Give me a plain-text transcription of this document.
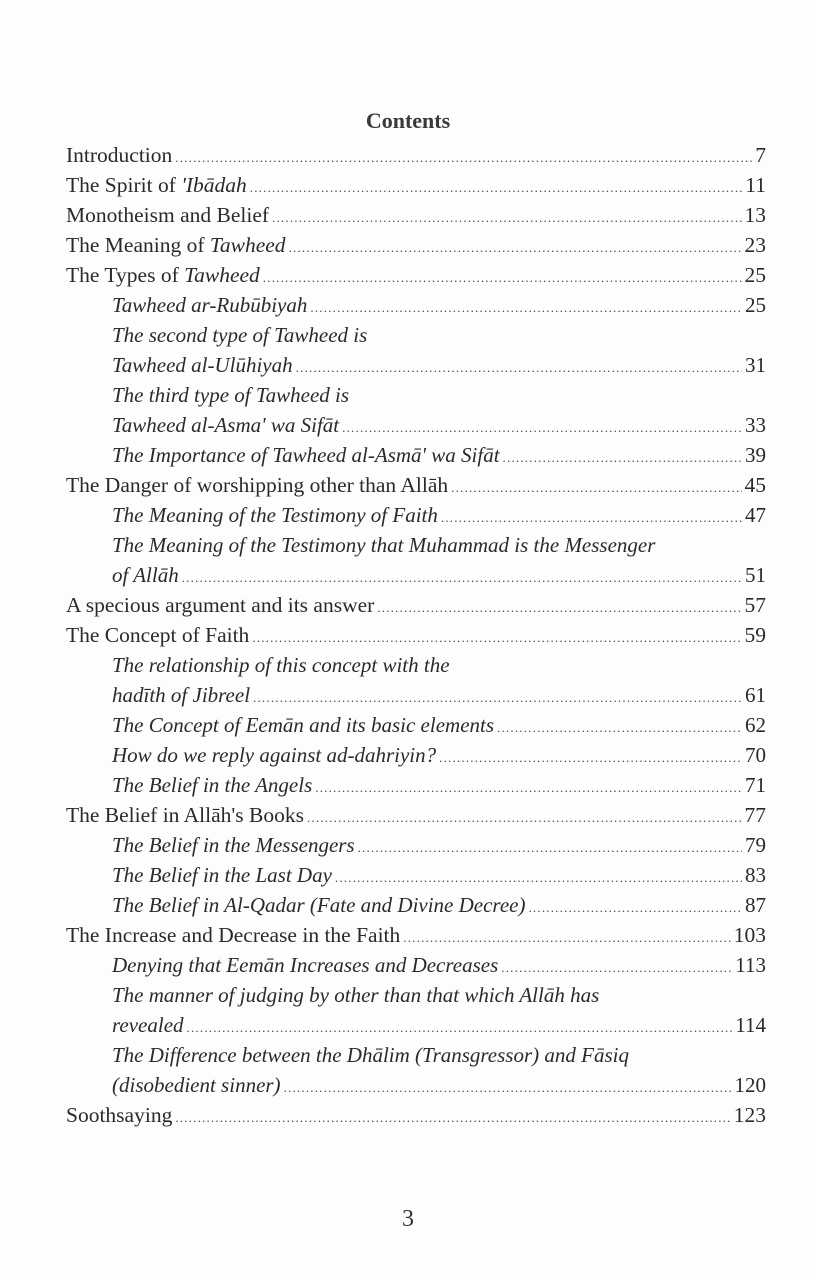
Contents
Introduction .....	7
The Spirit of 'Ibādah .....	11
Monotheism and Belief .....	13
The Meaning of Tawheed .....	23
The Types of Tawheed .....	25
Tawheed ar-Rubūbiyah .....	25
The second type of Tawheed is
Tawheed al-Ulūhiyah .....	31
The third type of Tawheed is
Tawheed al-Asma' wa Sifāt .....	33
The Importance of Tawheed al-Asmā' wa Sifāt .....	39
The Danger of worshipping other than Allāh .....	45
The Meaning of the Testimony of Faith .....	47
The Meaning of the Testimony that Muhammad is the Messenger
of Allāh .....	51
A specious argument and its answer .....	57
The Concept of Faith .....	59
The relationship of this concept with the
hadīth of Jibreel .....	61
The Concept of Eemān and its basic elements .....	62
How do we reply against ad-dahriyin? .....	70
The Belief in the Angels .....	71
The Belief in Allāh's Books .....	77
The Belief in the Messengers .....	79
The Belief in the Last Day .....	83
The Belief in Al-Qadar (Fate and Divine Decree) .....	87
The Increase and Decrease in the Faith .....	103
Denying that Eemān Increases and Decreases .....	113
The manner of judging by other than that which Allāh has
revealed .....	114
The Difference between the Dhālim (Transgressor) and Fāsiq
(disobedient sinner) .....	120
Soothsaying .....	123
3
